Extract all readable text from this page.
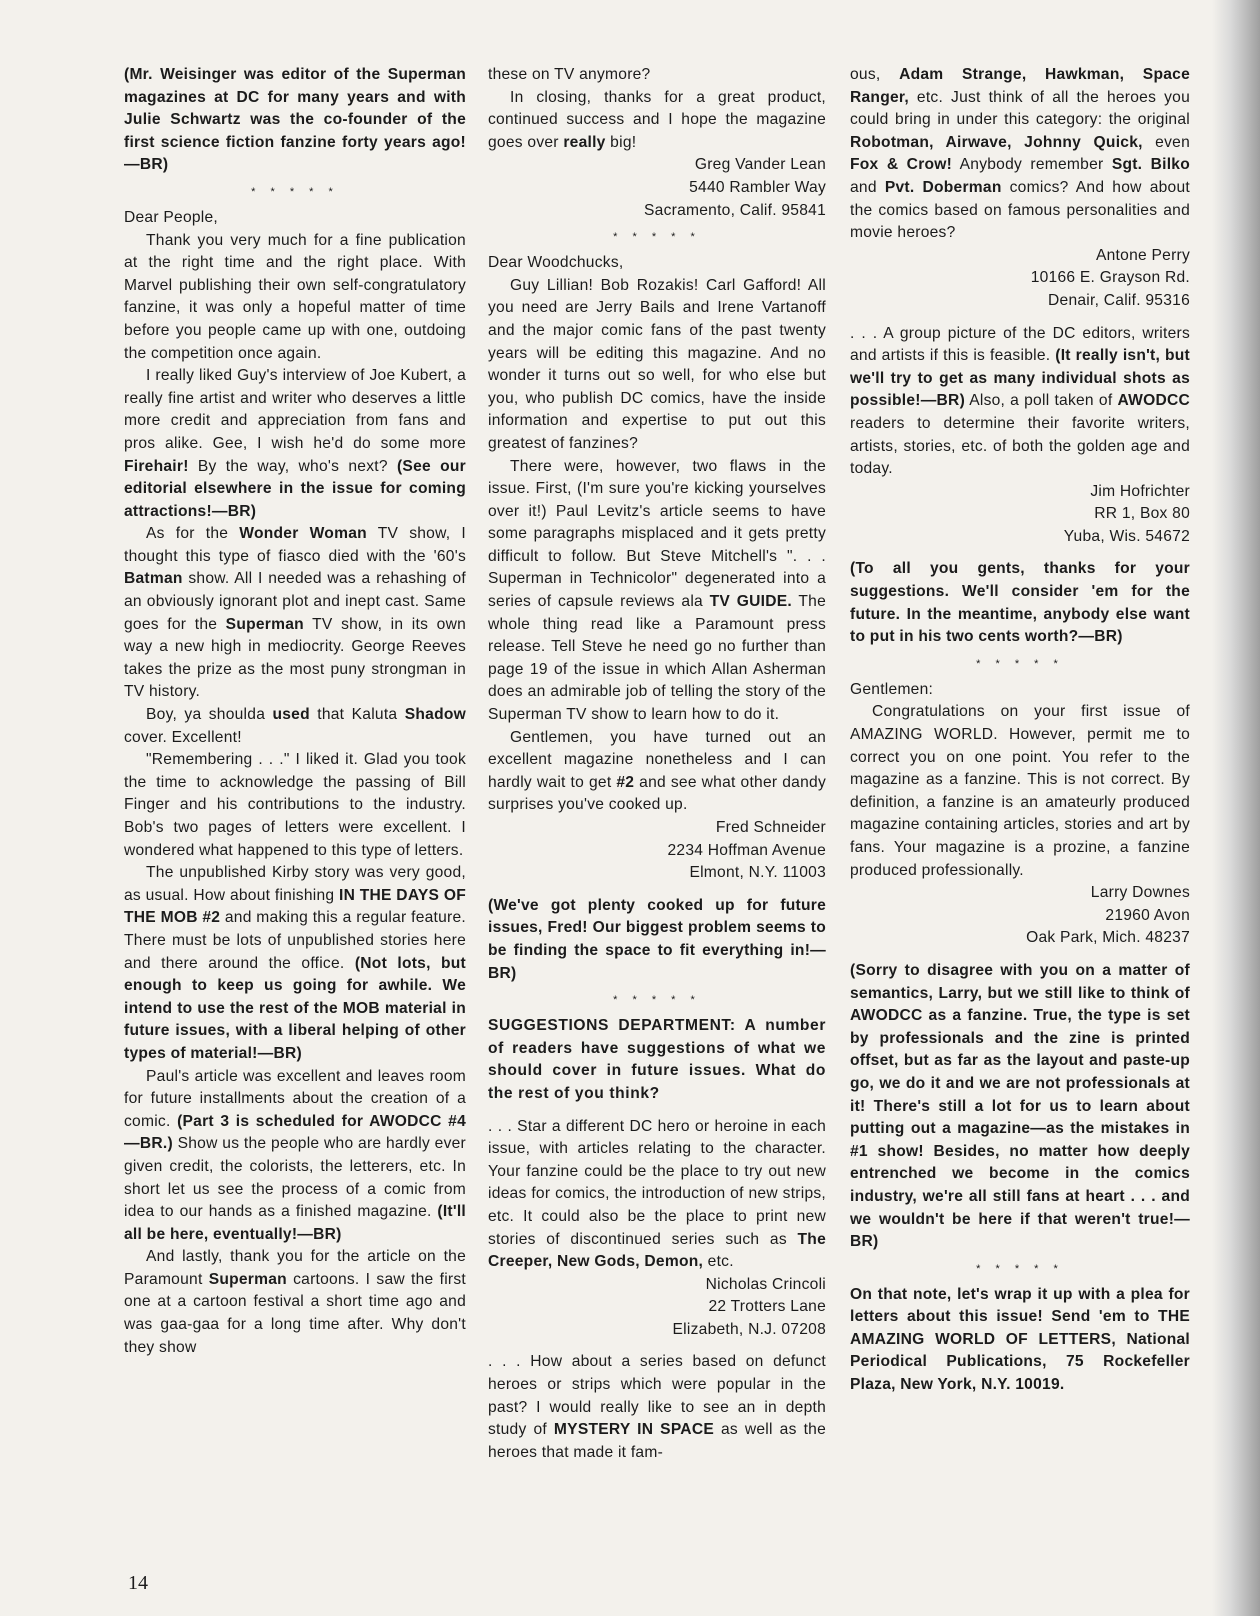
(Mr. Weisinger was editor of the Superman magazines at DC for many years and with Julie Schwartz was the co-founder of the first science fiction fanzine forty years ago!—BR)

* * * * *

Dear People,

Thank you very much for a fine publication at the right time and the right place. With Marvel publishing their own self-congratulatory fanzine, it was only a hopeful matter of time before you people came up with one, outdoing the competition once again.

I really liked Guy's interview of Joe Kubert, a really fine artist and writer who deserves a little more credit and appreciation from fans and pros alike. Gee, I wish he'd do some more Firehair! By the way, who's next? (See our editorial elsewhere in the issue for coming attractions!—BR)

As for the Wonder Woman TV show, I thought this type of fiasco died with the '60's Batman show. All I needed was a rehashing of an obviously ignorant plot and inept cast. Same goes for the Superman TV show, in its own way a new high in mediocrity. George Reeves takes the prize as the most puny strongman in TV history.

Boy, ya shoulda used that Kaluta Shadow cover. Excellent!

"Remembering . . ." I liked it. Glad you took the time to acknowledge the passing of Bill Finger and his contributions to the industry. Bob's two pages of letters were excellent. I wondered what happened to this type of letters.

The unpublished Kirby story was very good, as usual. How about finishing IN THE DAYS OF THE MOB #2 and making this a regular feature. There must be lots of unpublished stories here and there around the office. (Not lots, but enough to keep us going for awhile. We intend to use the rest of the MOB material in future issues, with a liberal helping of other types of material!—BR)

Paul's article was excellent and leaves room for future installments about the creation of a comic. (Part 3 is scheduled for AWODCC #4—BR.) Show us the people who are hardly ever given credit, the colorists, the letterers, etc. In short let us see the process of a comic from idea to our hands as a finished magazine. (It'll all be here, eventually!—BR)

And lastly, thank you for the article on the Paramount Superman cartoons. I saw the first one at a cartoon festival a short time ago and was gaa-gaa for a long time after. Why don't they show

these on TV anymore?

In closing, thanks for a great product, continued success and I hope the magazine goes over really big!

Greg Vander Lean

5440 Rambler Way

Sacramento, Calif. 95841

* * * * *

Dear Woodchucks,

Guy Lillian! Bob Rozakis! Carl Gafford! All you need are Jerry Bails and Irene Vartanoff and the major comic fans of the past twenty years will be editing this magazine. And no wonder it turns out so well, for who else but you, who publish DC comics, have the inside information and expertise to put out this greatest of fanzines?

There were, however, two flaws in the issue. First, (I'm sure you're kicking yourselves over it!) Paul Levitz's article seems to have some paragraphs misplaced and it gets pretty difficult to follow. But Steve Mitchell's ". . . Superman in Technicolor" degenerated into a series of capsule reviews ala TV GUIDE. The whole thing read like a Paramount press release. Tell Steve he need go no further than page 19 of the issue in which Allan Asherman does an admirable job of telling the story of the Superman TV show to learn how to do it.

Gentlemen, you have turned out an excellent magazine nonetheless and I can hardly wait to get #2 and see what other dandy surprises you've cooked up.

Fred Schneider

2234 Hoffman Avenue

Elmont, N.Y. 11003

(We've got plenty cooked up for future issues, Fred! Our biggest problem seems to be finding the space to fit everything in!—BR)

* * * * *

SUGGESTIONS DEPARTMENT: A number of readers have suggestions of what we should cover in future issues. What do the rest of you think?

. . . Star a different DC hero or heroine in each issue, with articles relating to the character. Your fanzine could be the place to try out new ideas for comics, the introduction of new strips, etc. It could also be the place to print new stories of discontinued series such as The Creeper, New Gods, Demon, etc.

Nicholas Crincoli

22 Trotters Lane

Elizabeth, N.J. 07208

. . . How about a series based on defunct heroes or strips which were popular in the past? I would really like to see an in depth study of MYSTERY IN SPACE as well as the heroes that made it fam-

ous, Adam Strange, Hawkman, Space Ranger, etc. Just think of all the heroes you could bring in under this category: the original Robotman, Airwave, Johnny Quick, even Fox & Crow! Anybody remember Sgt. Bilko and Pvt. Doberman comics? And how about the comics based on famous personalities and movie heroes?

Antone Perry

10166 E. Grayson Rd.

Denair, Calif. 95316

. . . A group picture of the DC editors, writers and artists if this is feasible. (It really isn't, but we'll try to get as many individual shots as possible!—BR) Also, a poll taken of AWODCC readers to determine their favorite writers, artists, stories, etc. of both the golden age and today.

Jim Hofrichter

RR 1, Box 80

Yuba, Wis. 54672

(To all you gents, thanks for your suggestions. We'll consider 'em for the future. In the meantime, anybody else want to put in his two cents worth?—BR)

* * * * *

Gentlemen:

Congratulations on your first issue of AMAZING WORLD. However, permit me to correct you on one point. You refer to the magazine as a fanzine. This is not correct. By definition, a fanzine is an amateurly produced magazine containing articles, stories and art by fans. Your magazine is a prozine, a fanzine produced professionally.

Larry Downes

21960 Avon

Oak Park, Mich. 48237

(Sorry to disagree with you on a matter of semantics, Larry, but we still like to think of AWODCC as a fanzine. True, the type is set by professionals and the zine is printed offset, but as far as the layout and paste-up go, we do it and we are not professionals at it! There's still a lot for us to learn about putting out a magazine—as the mistakes in #1 show! Besides, no matter how deeply entrenched we become in the comics industry, we're all still fans at heart . . . and we wouldn't be here if that weren't true!—BR)

* * * * *

On that note, let's wrap it up with a plea for letters about this issue! Send 'em to THE AMAZING WORLD OF LETTERS, National Periodical Publications, 75 Rockefeller Plaza, New York, N.Y. 10019.

14
